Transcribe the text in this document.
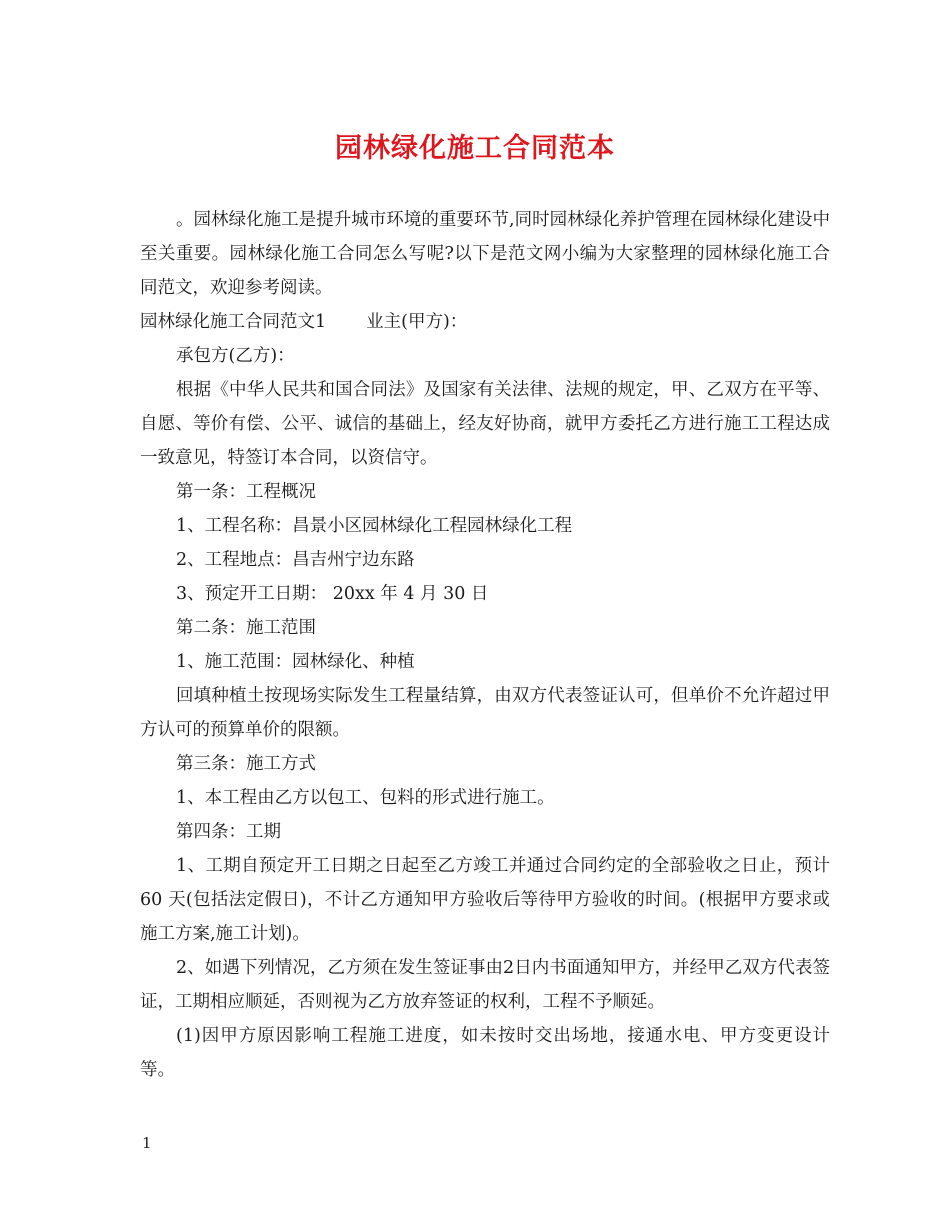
园林绿化施工合同范本

。园林绿化施工是提升城市环境的重要环节,同时园林绿化养护管理在园林绿化建设中至关重要。园林绿化施工合同怎么写呢?以下是范文网小编为大家整理的园林绿化施工合同范文，欢迎参考阅读。

园林绿化施工合同范文1 业主(甲方)：

承包方(乙方)：

根据《中华人民共和国合同法》及国家有关法律、法规的规定，甲、乙双方在平等、自愿、等价有偿、公平、诚信的基础上，经友好协商，就甲方委托乙方进行施工工程达成一致意见，特签订本合同，以资信守。

第一条：工程概况

1、工程名称：昌景小区园林绿化工程园林绿化工程

2、工程地点：昌吉州宁边东路

3、预定开工日期： 20xx 年 4 月 30 日

第二条：施工范围

1、施工范围：园林绿化、种植

回填种植土按现场实际发生工程量结算，由双方代表签证认可，但单价不允许超过甲方认可的预算单价的限额。

第三条：施工方式

1、本工程由乙方以包工、包料的形式进行施工。

第四条：工期

1、工期自预定开工日期之日起至乙方竣工并通过合同约定的全部验收之日止，预计 60 天(包括法定假日)，不计乙方通知甲方验收后等待甲方验收的时间。(根据甲方要求或施工方案,施工计划)。

2、如遇下列情况，乙方须在发生签证事由2日内书面通知甲方，并经甲乙双方代表签证，工期相应顺延，否则视为乙方放弃签证的权利，工程不予顺延。

(1)因甲方原因影响工程施工进度，如未按时交出场地，接通水电、甲方变更设计等。

1
